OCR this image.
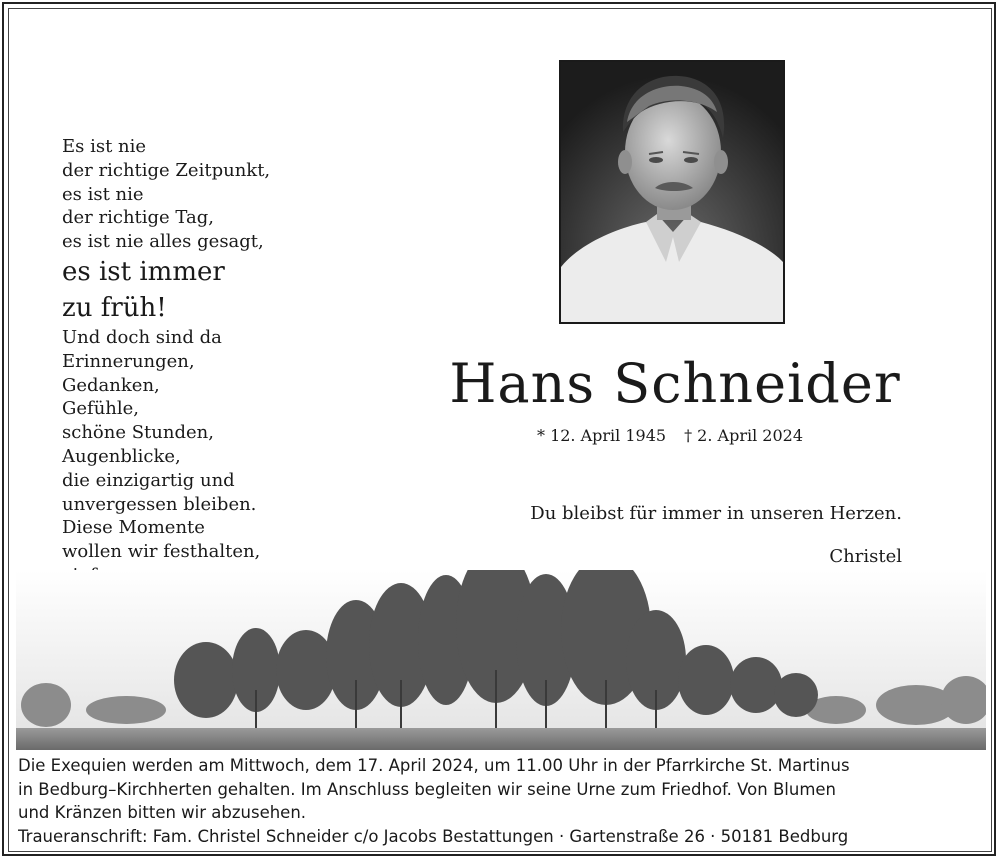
Es ist nie
der richtige Zeitpunkt,
es ist nie
der richtige Tag,
es ist nie alles gesagt,
es ist immer
zu früh!
Und doch sind da
Erinnerungen,
Gedanken,
Gefühle,
schöne Stunden,
Augenblicke,
die einzigartig und
unvergessen bleiben.
Diese Momente
wollen wir festhalten,
Hans Schneider
* 12. April 1945 † 2. April 2024
Du bleibst für immer in unseren Herzen.
Christel
Die Exequien werden am Mittwoch, dem 17. April 2024, um 11.00 Uhr in der Pfarrkirche St. Martinus
in Bedburg–Kirchherten gehalten. Im Anschluss begleiten wir seine Urne zum Friedhof. Von Blumen
und Kränzen bitten wir abzusehen.
Traueranschrift: Fam. Christel Schneider c/o Jacobs Bestattungen · Gartenstraße 26 · 50181 Bedburg
